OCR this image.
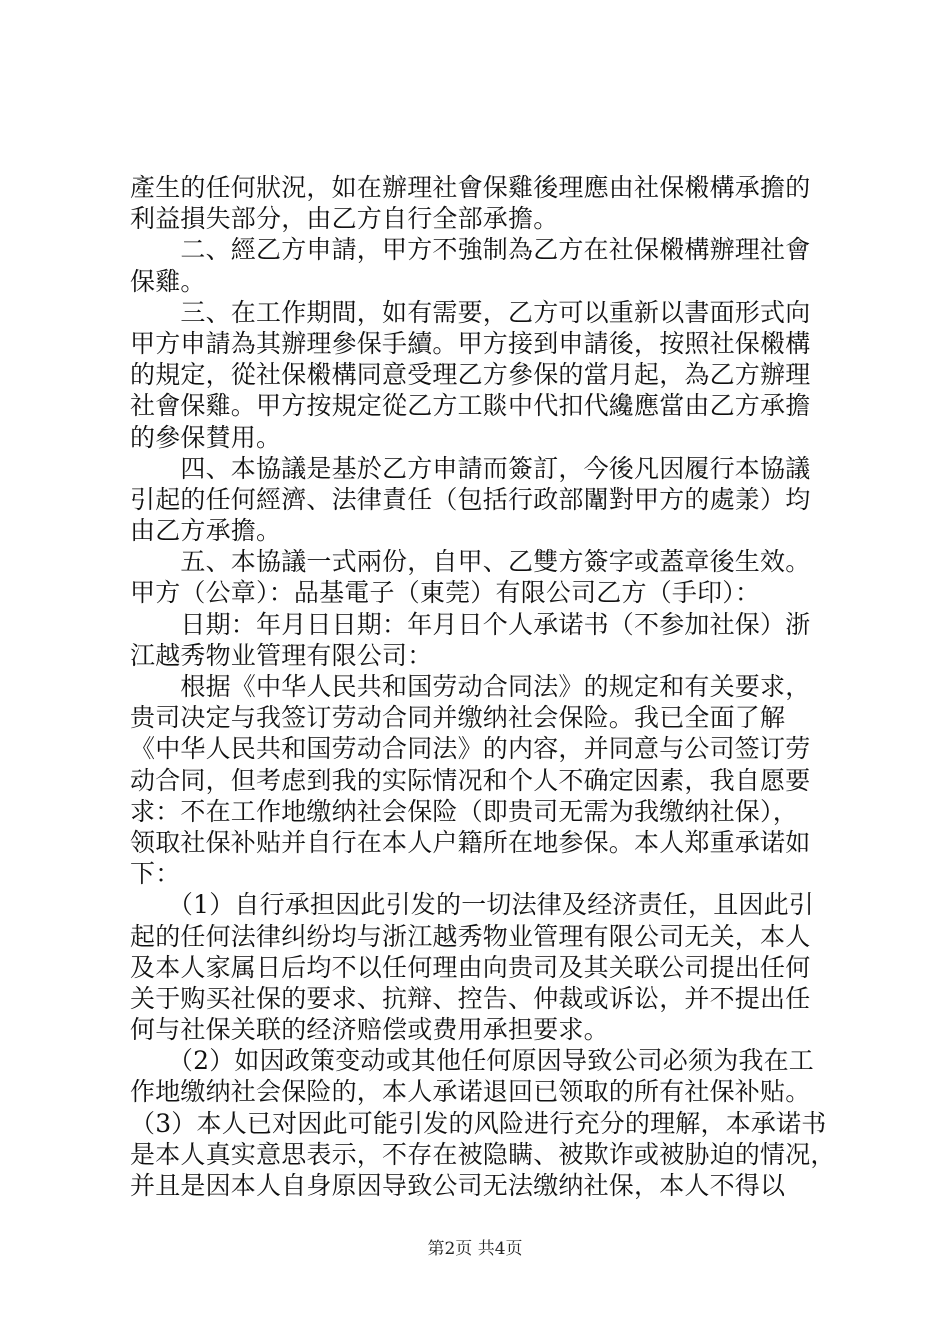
產生的任何狀況，如在辦理社會保雞後理應由社保樧構承擔的
利益損失部分，由乙方自行全部承擔。
　　二、經乙方申請，甲方不強制為乙方在社保樧構辦理社會
保雞。
　　三、在工作期間，如有需要，乙方可以重新以書面形式向
甲方申請為其辦理參保手續。甲方接到申請後，按照社保樧構
的規定，從社保樧構同意受理乙方參保的當月起，為乙方辦理
社會保雞。甲方按規定從乙方工賧中代扣代纔應當由乙方承擔
的參保賛用。
　　四、本協議是基於乙方申請而簽訂，今後凡因履行本協議
引起的任何經濟、法律責任（包括行政部闈對甲方的處羕）均
由乙方承擔。
　　五、本協議一式兩份，自甲、乙雙方簽字或蓋章後生效。
甲方（公章）：品基電子（東莞）有限公司乙方（手印）：
　　日期：年月日日期：年月日个人承诺书（不参加社保）浙
江越秀物业管理有限公司：
　　根据《中华人民共和国劳动合同法》的规定和有关要求，
贵司决定与我签订劳动合同并缴纳社会保险。我已全面了解
《中华人民共和国劳动合同法》的内容，并同意与公司签订劳
动合同，但考虑到我的实际情况和个人不确定因素，我自愿要
求：不在工作地缴纳社会保险（即贵司无需为我缴纳社保），
领取社保补贴并自行在本人户籍所在地参保。本人郑重承诺如
下：
　　（1）自行承担因此引发的一切法律及经济责任，且因此引
起的任何法律纠纷均与浙江越秀物业管理有限公司无关，本人
及本人家属日后均不以任何理由向贵司及其关联公司提出任何
关于购买社保的要求、抗辩、控告、仲裁或诉讼，并不提出任
何与社保关联的经济赔偿或费用承担要求。
　　（2）如因政策变动或其他任何原因导致公司必须为我在工
作地缴纳社会保险的，本人承诺退回已领取的所有社保补贴。
（3）本人已对因此可能引发的风险进行充分的理解，本承诺书
是本人真实意思表示，不存在被隐瞒、被欺诈或被胁迫的情况，
并且是因本人自身原因导致公司无法缴纳社保，本人不得以
第2页 共4页
